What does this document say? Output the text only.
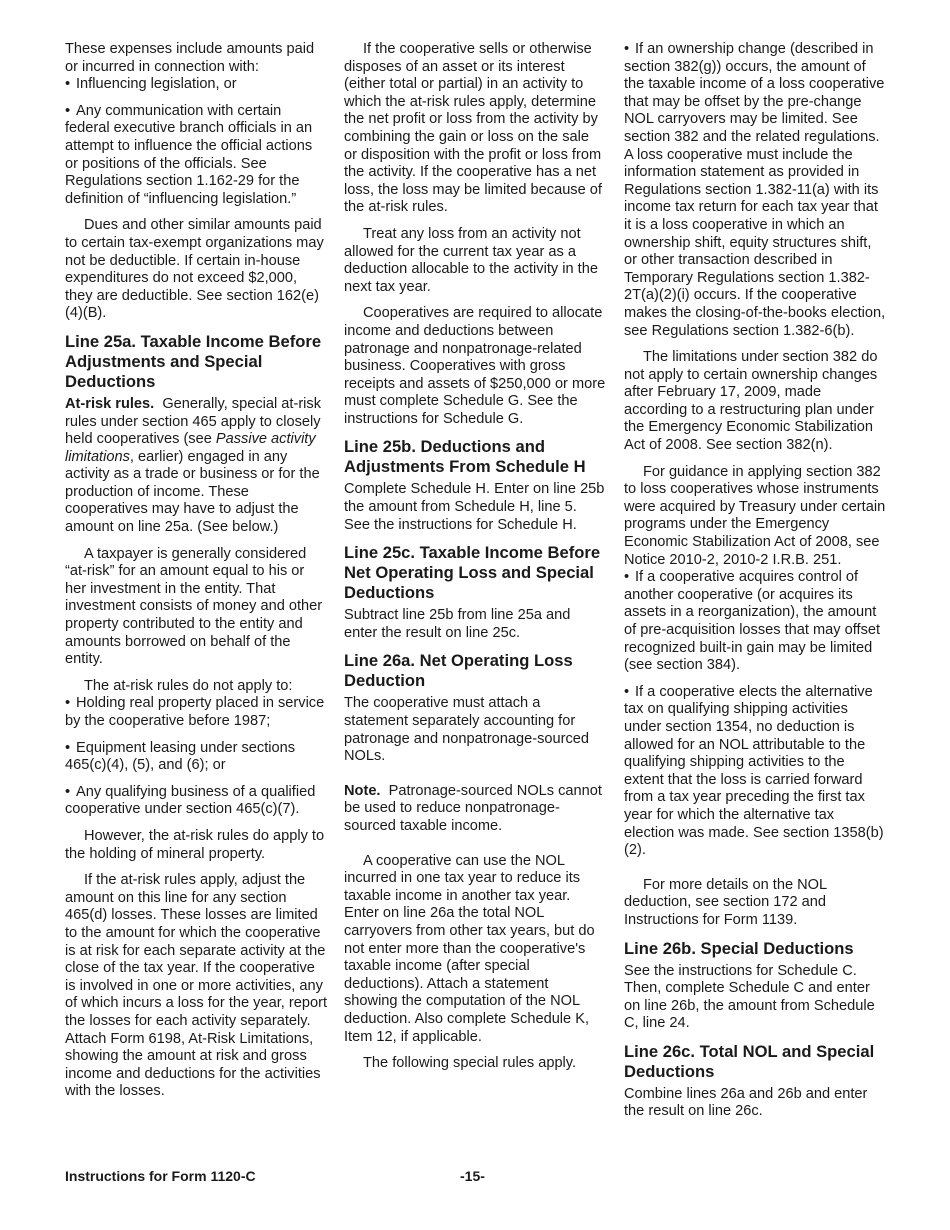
These expenses include amounts paid or incurred in connection with:

• Influencing legislation, or

• Any communication with certain federal executive branch officials in an attempt to influence the official actions or positions of the officials. See Regulations section 1.162-29 for the definition of “influencing legislation.”

Dues and other similar amounts paid to certain tax-exempt organizations may not be deductible. If certain in-house expenditures do not exceed $2,000, they are deductible. See section 162(e)(4)(B).

Line 25a. Taxable Income Before Adjustments and Special Deductions

At-risk rules. Generally, special at-risk rules under section 465 apply to closely held cooperatives (see Passive activity limitations, earlier) engaged in any activity as a trade or business or for the production of income. These cooperatives may have to adjust the amount on line 25a. (See below.)

A taxpayer is generally considered “at-risk” for an amount equal to his or her investment in the entity. That investment consists of money and other property contributed to the entity and amounts borrowed on behalf of the entity.

The at-risk rules do not apply to:

• Holding real property placed in service by the cooperative before 1987;

• Equipment leasing under sections 465(c)(4), (5), and (6); or

• Any qualifying business of a qualified cooperative under section 465(c)(7).

However, the at-risk rules do apply to the holding of mineral property.

If the at-risk rules apply, adjust the amount on this line for any section 465(d) losses. These losses are limited to the amount for which the cooperative is at risk for each separate activity at the close of the tax year. If the cooperative is involved in one or more activities, any of which incurs a loss for the year, report the losses for each activity separately. Attach Form 6198, At-Risk Limitations, showing the amount at risk and gross income and deductions for the activities with the losses.

If the cooperative sells or otherwise disposes of an asset or its interest (either total or partial) in an activity to which the at-risk rules apply, determine the net profit or loss from the activity by combining the gain or loss on the sale or disposition with the profit or loss from the activity. If the cooperative has a net loss, the loss may be limited because of the at-risk rules.

Treat any loss from an activity not allowed for the current tax year as a deduction allocable to the activity in the next tax year.

Cooperatives are required to allocate income and deductions between patronage and nonpatronage-related business. Cooperatives with gross receipts and assets of $250,000 or more must complete Schedule G. See the instructions for Schedule G.

Line 25b. Deductions and Adjustments From Schedule H

Complete Schedule H. Enter on line 25b the amount from Schedule H, line 5. See the instructions for Schedule H.

Line 25c. Taxable Income Before Net Operating Loss and Special Deductions

Subtract line 25b from line 25a and enter the result on line 25c.

Line 26a. Net Operating Loss Deduction

The cooperative must attach a statement separately accounting for patronage and nonpatronage-sourced NOLs.

Note. Patronage-sourced NOLs cannot be used to reduce nonpatronage-sourced taxable income.

A cooperative can use the NOL incurred in one tax year to reduce its taxable income in another tax year. Enter on line 26a the total NOL carryovers from other tax years, but do not enter more than the cooperative's taxable income (after special deductions). Attach a statement showing the computation of the NOL deduction. Also complete Schedule K, Item 12, if applicable.

The following special rules apply.

• If an ownership change (described in section 382(g)) occurs, the amount of the taxable income of a loss cooperative that may be offset by the pre-change NOL carryovers may be limited. See section 382 and the related regulations. A loss cooperative must include the information statement as provided in Regulations section 1.382-11(a) with its income tax return for each tax year that it is a loss cooperative in which an ownership shift, equity structures shift, or other transaction described in Temporary Regulations section 1.382-2T(a)(2)(i) occurs. If the cooperative makes the closing-of-the-books election, see Regulations section 1.382-6(b).

The limitations under section 382 do not apply to certain ownership changes after February 17, 2009, made according to a restructuring plan under the Emergency Economic Stabilization Act of 2008. See section 382(n).

For guidance in applying section 382 to loss cooperatives whose instruments were acquired by Treasury under certain programs under the Emergency Economic Stabilization Act of 2008, see Notice 2010-2, 2010-2 I.R.B. 251.

• If a cooperative acquires control of another cooperative (or acquires its assets in a reorganization), the amount of pre-acquisition losses that may offset recognized built-in gain may be limited (see section 384).

• If a cooperative elects the alternative tax on qualifying shipping activities under section 1354, no deduction is allowed for an NOL attributable to the qualifying shipping activities to the extent that the loss is carried forward from a tax year preceding the first tax year for which the alternative tax election was made. See section 1358(b)(2).

For more details on the NOL deduction, see section 172 and Instructions for Form 1139.

Line 26b. Special Deductions

See the instructions for Schedule C. Then, complete Schedule C and enter on line 26b, the amount from Schedule C, line 24.

Line 26c. Total NOL and Special Deductions

Combine lines 26a and 26b and enter the result on line 26c.

Instructions for Form 1120-C	-15-
